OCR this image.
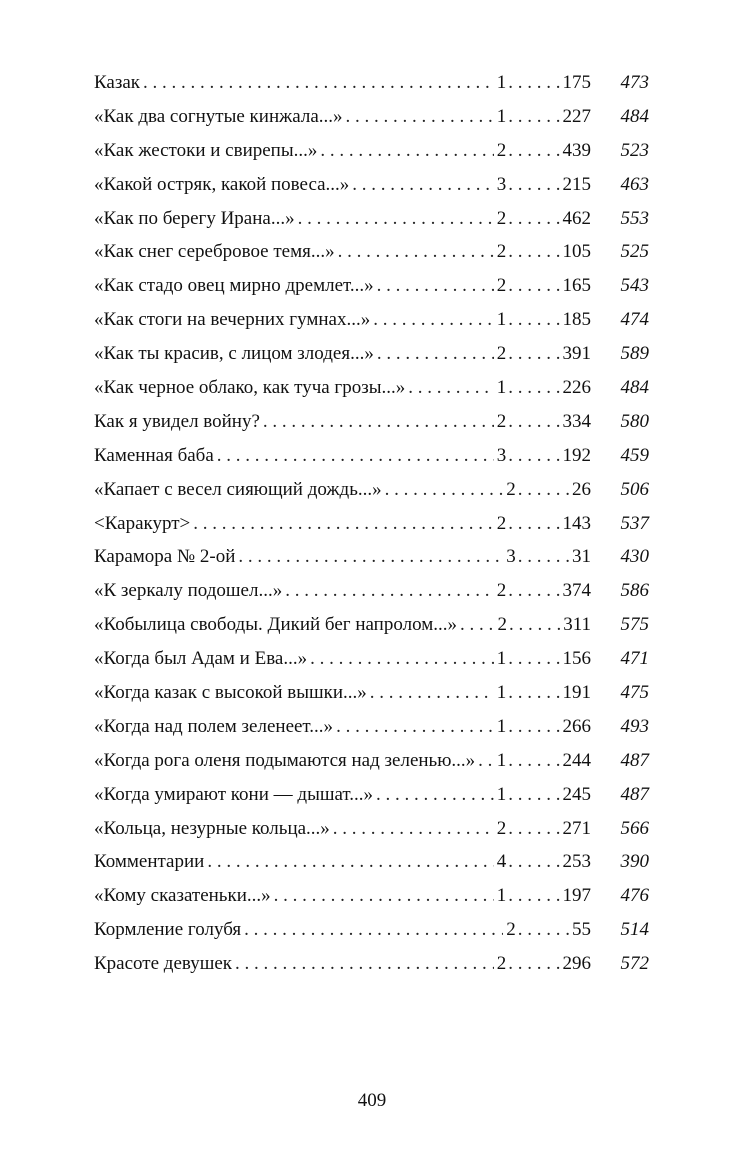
Казак . . .	1 . . . . . . 175	473
«Как два согнутые кинжала...» . . .	1 . . . . . . 227	484
«Как жестоки и свирепы...» . . .	2 . . . . . . 439	523
«Какой остряк, какой повеса...» . . .	3 . . . . . . 215	463
«Как по берегу Ирана...» . . .	2 . . . . . . 462	553
«Как снег серебровое темя...» . . .	2 . . . . . . 105	525
«Как стадо овец мирно дремлет...» . . .	2 . . . . . . 165	543
«Как стоги на вечерних гумнах...» . . .	1 . . . . . . 185	474
«Как ты красив, с лицом злодея...» . . .	2 . . . . . . 391	589
«Как черное облако, как туча грозы...» . . .	1 . . . . . . 226	484
Как я увидел войну? . . .	2 . . . . . . 334	580
Каменная баба . . .	3 . . . . . . 192	459
«Капает с весел сияющий дождь...» . . .	2 . . . . . . 26	506
<Каракурт> . . .	2 . . . . . . 143	537
Карамора № 2-ой . . .	3 . . . . . . 31	430
«К зеркалу подошел...» . . .	2 . . . . . . 374	586
«Кобылица свободы. Дикий бег напролом...» . . . 2 . . . . . . 311	575
«Когда был Адам и Ева...» . . .	1 . . . . . . 156	471
«Когда казак с высокой вышки...» . . .	1 . . . . . . 191	475
«Когда над полем зеленеет...» . . .	1 . . . . . . 266	493
«Когда рога оленя подымаются над зеленью...» . . . 1 . . . . . . 244	487
«Когда умирают кони — дышат...» . . .	1 . . . . . . 245	487
«Кольца, незурные кольца...» . . .	2 . . . . . . 271	566
Комментарии . . .	4 . . . . . . 253	390
«Кому сказатеньки...» . . .	1 . . . . . . 197	476
Кормление голубя . . .	2 . . . . . . 55	514
Красоте девушек . . .	2 . . . . . . 296	572
409
